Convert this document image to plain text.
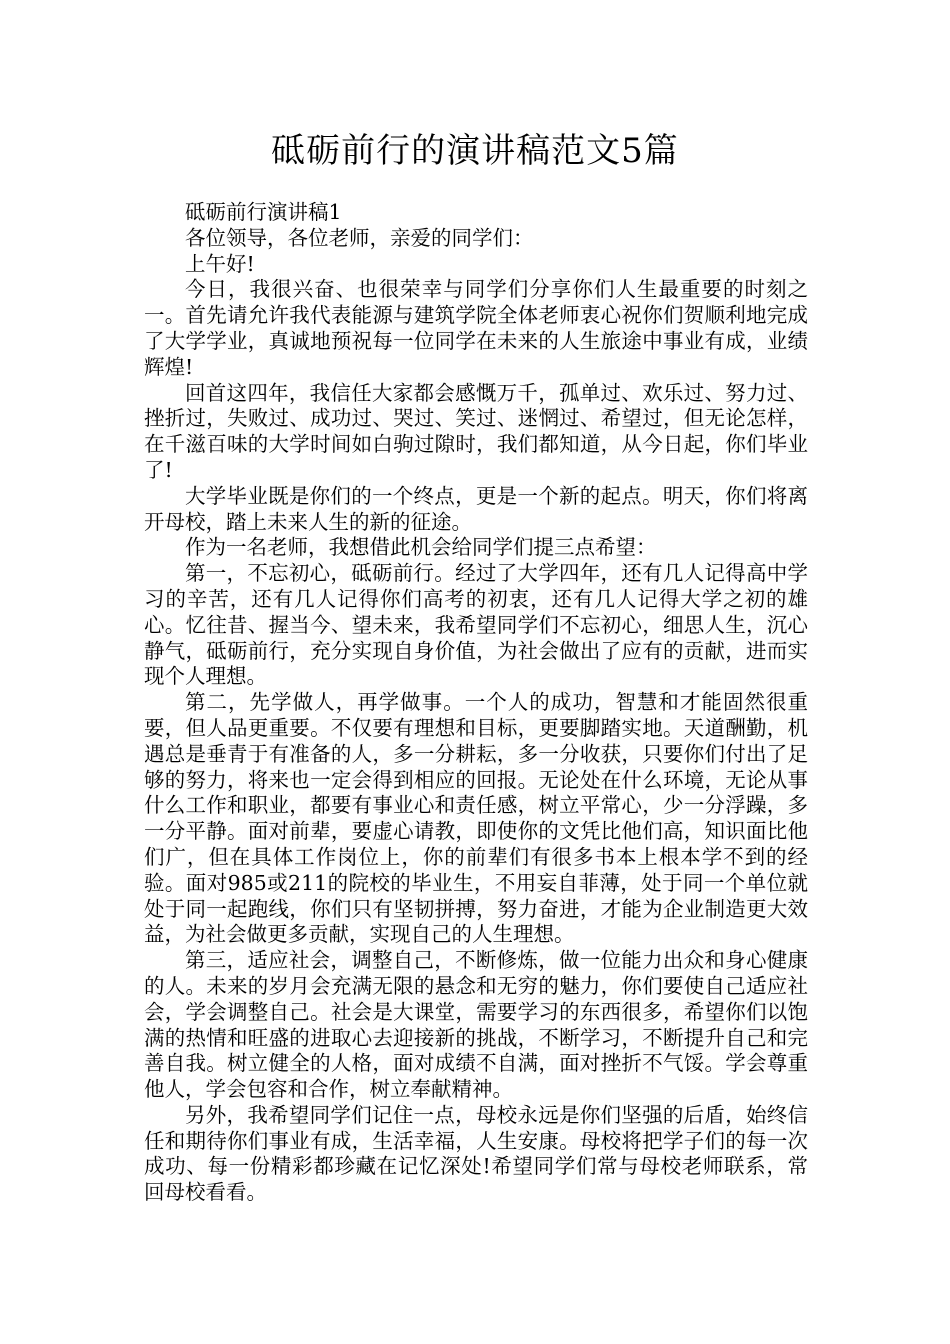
砥砺前行的演讲稿范文5篇

砥砺前行演讲稿1

各位领导，各位老师，亲爱的同学们：

上午好!

今日，我很兴奋、也很荣幸与同学们分享你们人生最重要的时刻之一。首先请允许我代表能源与建筑学院全体老师衷心祝你们贺顺利地完成了大学学业，真诚地预祝每一位同学在未来的人生旅途中事业有成，业绩辉煌!

回首这四年，我信任大家都会感慨万千，孤单过、欢乐过、努力过、挫折过，失败过、成功过、哭过、笑过、迷惘过、希望过，但无论怎样，在千滋百味的大学时间如白驹过隙时，我们都知道，从今日起，你们毕业了!

大学毕业既是你们的一个终点，更是一个新的起点。明天，你们将离开母校，踏上未来人生的新的征途。

作为一名老师，我想借此机会给同学们提三点希望：

第一，不忘初心，砥砺前行。经过了大学四年，还有几人记得高中学习的辛苦，还有几人记得你们高考的初衷，还有几人记得大学之初的雄心。忆往昔、握当今、望未来，我希望同学们不忘初心，细思人生，沉心静气，砥砺前行，充分实现自身价值，为社会做出了应有的贡献，进而实现个人理想。

第二，先学做人，再学做事。一个人的成功，智慧和才能固然很重要，但人品更重要。不仅要有理想和目标，更要脚踏实地。天道酬勤，机遇总是垂青于有准备的人，多一分耕耘，多一分收获，只要你们付出了足够的努力，将来也一定会得到相应的回报。无论处在什么环境，无论从事什么工作和职业，都要有事业心和责任感，树立平常心，少一分浮躁，多一分平静。面对前辈，要虚心请教，即使你的文凭比他们高，知识面比他们广，但在具体工作岗位上，你的前辈们有很多书本上根本学不到的经验。面对985或211的院校的毕业生，不用妄自菲薄，处于同一个单位就处于同一起跑线，你们只有坚韧拼搏，努力奋进，才能为企业制造更大效益，为社会做更多贡献，实现自己的人生理想。

第三，适应社会，调整自己，不断修炼，做一位能力出众和身心健康的人。未来的岁月会充满无限的悬念和无穷的魅力，你们要使自己适应社会，学会调整自己。社会是大课堂，需要学习的东西很多，希望你们以饱满的热情和旺盛的进取心去迎接新的挑战，不断学习，不断提升自己和完善自我。树立健全的人格，面对成绩不自满，面对挫折不气馁。学会尊重他人，学会包容和合作，树立奉献精神。

另外，我希望同学们记住一点，母校永远是你们坚强的后盾，始终信任和期待你们事业有成，生活幸福，人生安康。母校将把学子们的每一次成功、每一份精彩都珍藏在记忆深处!希望同学们常与母校老师联系，常回母校看看。
